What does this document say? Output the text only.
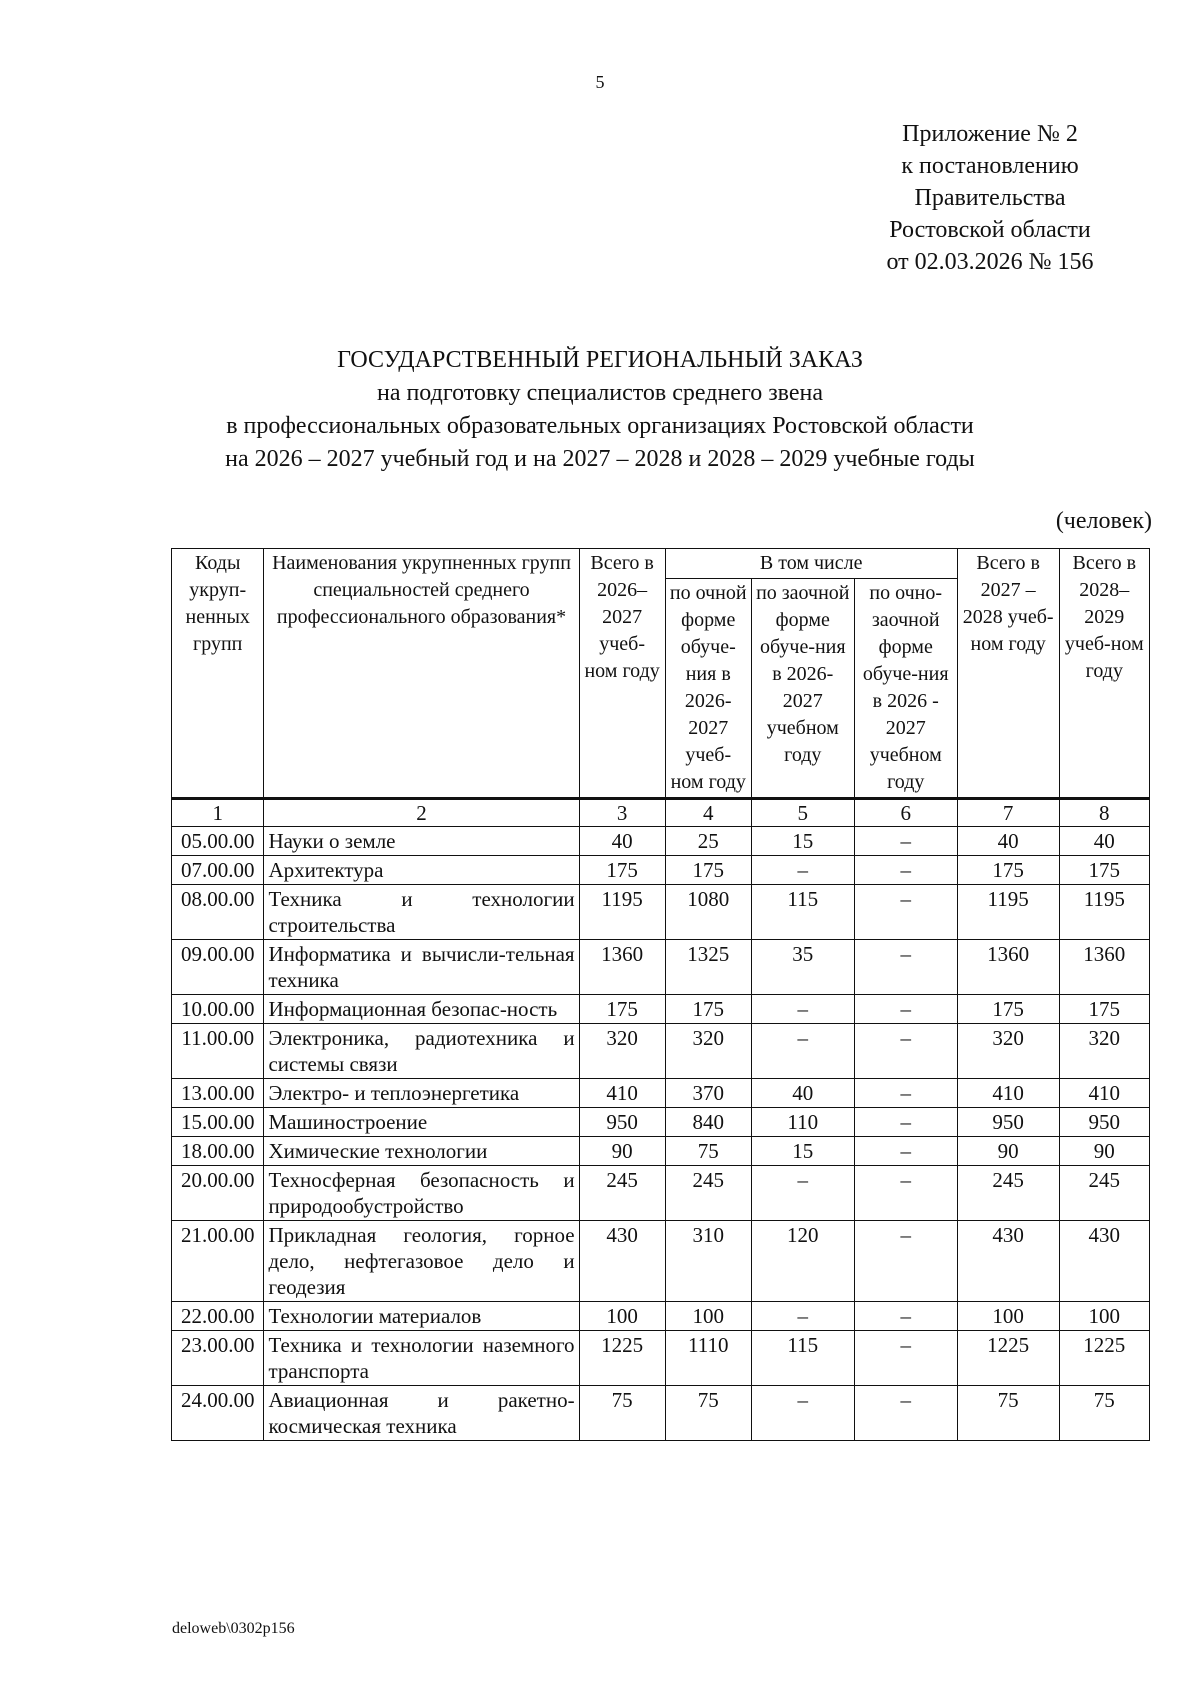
5
Приложение № 2
к постановлению
Правительства
Ростовской области
от 02.03.2026 № 156
ГОСУДАРСТВЕННЫЙ РЕГИОНАЛЬНЫЙ ЗАКАЗ
на подготовку специалистов среднего звена
в профессиональных образовательных организациях Ростовской области
на 2026 – 2027 учебный год и на 2027 – 2028 и 2028 – 2029 учебные годы
(человек)
Коды укруп-ненных групп	Наименования укрупненных групп специальностей среднего профессионального образования*	Всего в 2026–2027 учеб-ном году	В том числе			Всего в 2027 – 2028 учеб-ном году	Всего в 2028–2029 учеб-ном году
			по очной форме обуче-ния в 2026-2027 учеб-ном году	по заочной форме обуче-ния в 2026-2027 учебном году	по очно-заочной форме обуче-ния в 2026 - 2027 учебном году		
1	2	3	4	5	6	7	8
05.00.00	Науки о земле	40	25	15	–	40	40
07.00.00	Архитектура	175	175	–	–	175	175
08.00.00	Техника и технологии строительства	1195	1080	115	–	1195	1195
09.00.00	Информатика и вычисли-тельная техника	1360	1325	35	–	1360	1360
10.00.00	Информационная безопас-ность	175	175	–	–	175	175
11.00.00	Электроника, радиотехника и системы связи	320	320	–	–	320	320
13.00.00	Электро- и теплоэнергетика	410	370	40	–	410	410
15.00.00	Машиностроение	950	840	110	–	950	950
18.00.00	Химические технологии	90	75	15	–	90	90
20.00.00	Техносферная безопасность и природообустройство	245	245	–	–	245	245
21.00.00	Прикладная геология, горное дело, нефтегазовое дело и геодезия	430	310	120	–	430	430
22.00.00	Технологии материалов	100	100	–	–	100	100
23.00.00	Техника и технологии наземного транспорта	1225	1110	115	–	1225	1225
24.00.00	Авиационная и ракетно-космическая техника	75	75	–	–	75	75
deloweb\0302p156
